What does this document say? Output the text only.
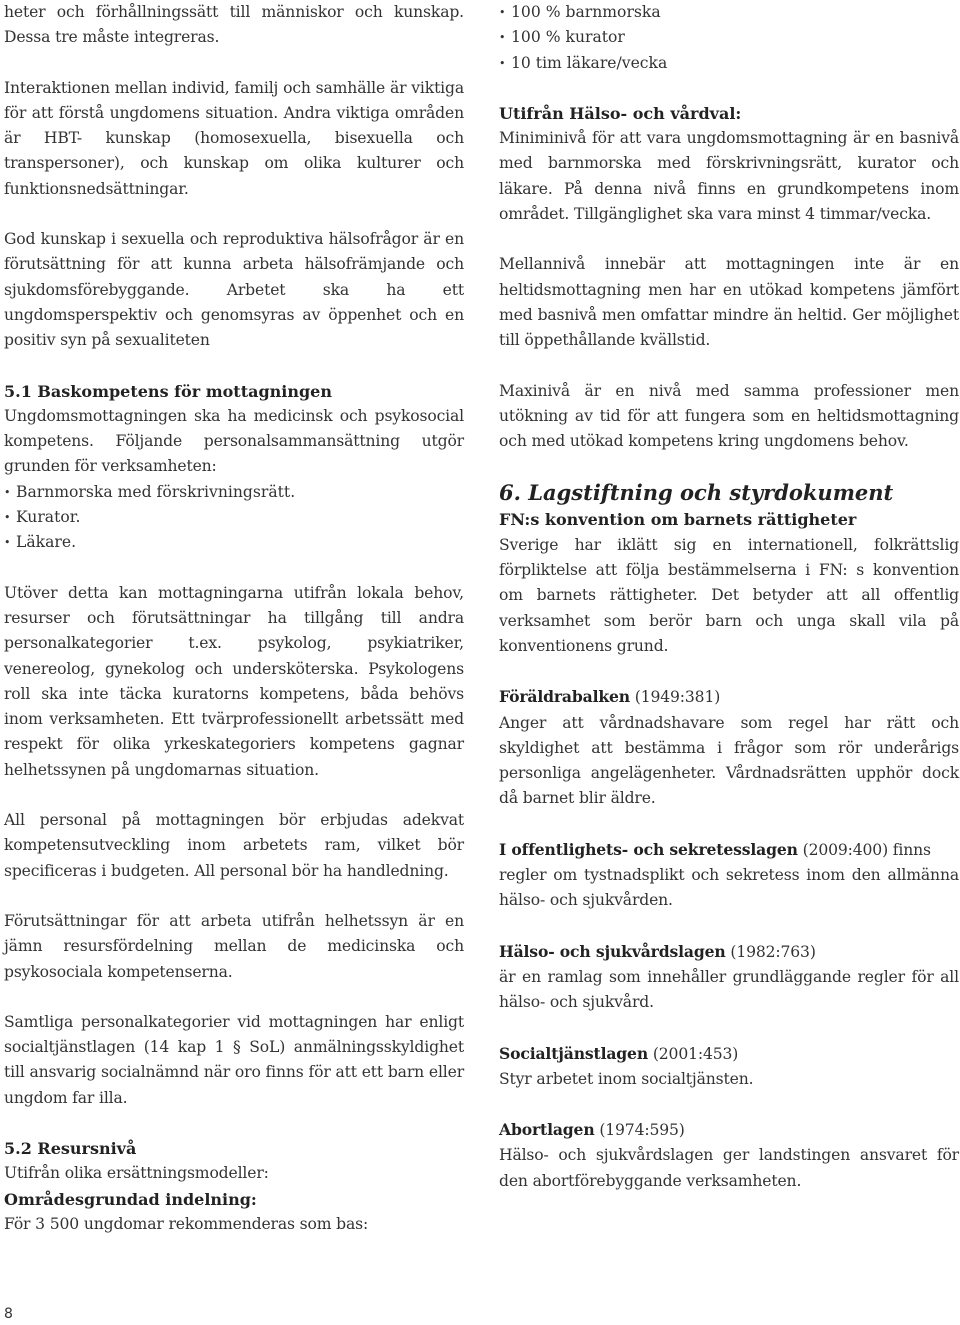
heter och förhållningssätt till människor och kunskap. Dessa tre måste integreras.

Interaktionen mellan individ, familj och samhälle är viktiga för att förstå ungdomens situation. Andra viktiga områden är HBT- kunskap (homosexuella, bisexuella och transpersoner), och kunskap om olika kulturer och funktionsnedsättningar.

God kunskap i sexuella och reproduktiva hälsofrågor är en förutsättning för att kunna arbeta hälsofrämjande och sjukdomsförebyggande. Arbetet ska ha ett ungdomsperspektiv och genomsyras av öppenhet och en positiv syn på sexualiteten

5.1 Baskompetens för mottagningen

Ungdomsmottagningen ska ha medicinsk och psykosocial kompetens. Följande personalsammansättning utgör grunden för verksamheten:

• Barnmorska med förskrivningsrätt.
• Kurator.
• Läkare.

Utöver detta kan mottagningarna utifrån lokala behov, resurser och förutsättningar ha tillgång till andra personalkategorier t.ex. psykolog, psykiatriker, venereolog, gynekolog och undersköterska. Psykologens roll ska inte täcka kuratorns kompetens, båda behövs inom verksamheten. Ett tvärprofessionellt arbetssätt med respekt för olika yrkeskategoriers kompetens gagnar helhetssynen på ungdomarnas situation.

All personal på mottagningen bör erbjudas adekvat kompetensutveckling inom arbetets ram, vilket bör specificeras i budgeten. All personal bör ha handledning.

Förutsättningar för att arbeta utifrån helhetssyn är en jämn resursfördelning mellan de medicinska och psykosociala kompetenserna.

Samtliga personalkategorier vid mottagningen har enligt socialtjänstlagen (14 kap 1 § SoL) anmälningsskyldighet till ansvarig socialnämnd när oro finns för att ett barn eller ungdom far illa.

5.2 Resursnivå

Utifrån olika ersättningsmodeller:

Områdesgrundad indelning:

För 3 500 ungdomar rekommenderas som bas:

• 100 % barnmorska
• 100 % kurator
• 10 tim läkare/vecka
Utifrån Hälso- och vårdval:

Miniminivå för att vara ungdomsmottagning är en basnivå med barnmorska med förskrivningsrätt, kurator och läkare. På denna nivå finns en grundkompetens inom området. Tillgänglighet ska vara minst 4 timmar/vecka.

Mellannivå innebär att mottagningen inte är en heltidsmottagning men har en utökad kompetens jämfört med basnivå men omfattar mindre än heltid. Ger möjlighet till öppethållande kvällstid.

Maxinivå är en nivå med samma professioner men utökning av tid för att fungera som en heltidsmottagning och med utökad kompetens kring ungdomens behov.

6. Lagstiftning och styrdokument
FN:s konvention om barnets rättigheter

Sverige har iklätt sig en internationell, folkrättslig förpliktelse att följa bestämmelserna i FN: s konvention om barnets rättigheter. Det betyder att all offentlig verksamhet som berör barn och unga skall vila på konventionens grund.

Föräldrabalken (1949:381)

Anger att vårdnadshavare som regel har rätt och skyldighet att bestämma i frågor som rör underårigs personliga angelägenheter. Vårdnadsrätten upphör dock då barnet blir äldre.

I offentlighets- och sekretesslagen (2009:400) finns

regler om tystnadsplikt och sekretess inom den allmänna hälso- och sjukvården.

Hälso- och sjukvårdslagen (1982:763)

är en ramlag som innehåller grundläggande regler för all hälso- och sjukvård.

Socialtjänstlagen (2001:453)

Styr arbetet inom socialtjänsten.

Abortlagen (1974:595)

Hälso- och sjukvårdslagen ger landstingen ansvaret för den abortförebyggande verksamheten.

8
